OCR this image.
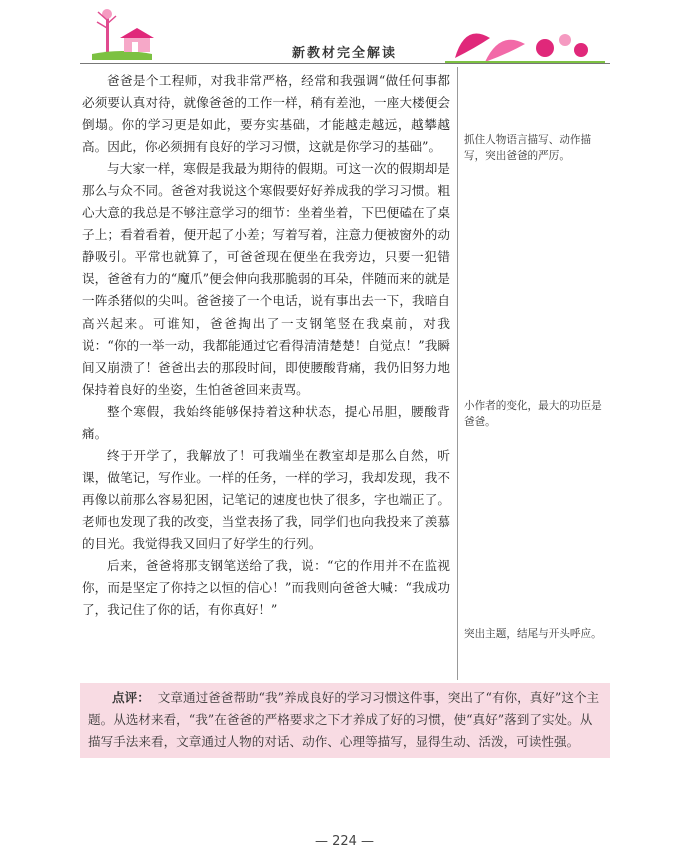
新教材完全解读

爸爸是个工程师，对我非常严格，经常和我强调“做任何事都必须要认真对待，就像爸爸的工作一样，稍有差池，一座大楼便会倒塌。你的学习更是如此，要夯实基础，才能越走越远，越攀越高。因此，你必须拥有良好的学习习惯，这就是你学习的基础”。

与大家一样，寒假是我最为期待的假期。可这一次的假期却是那么与众不同。爸爸对我说这个寒假要好好养成我的学习习惯。粗心大意的我总是不够注意学习的细节：坐着坐着，下巴便磕在了桌子上；看着看着，便开起了小差；写着写着，注意力便被窗外的动静吸引。平常也就算了，可爸爸现在便坐在我旁边，只要一犯错误，爸爸有力的“魔爪”便会伸向我那脆弱的耳朵，伴随而来的就是一阵杀猪似的尖叫。爸爸接了一个电话，说有事出去一下，我暗自高兴起来。可谁知，爸爸掏出了一支钢笔竖在我桌前，对我说：“你的一举一动，我都能通过它看得清清楚楚！自觉点！”我瞬间又崩溃了！爸爸出去的那段时间，即使腰酸背痛，我仍旧努力地保持着良好的坐姿，生怕爸爸回来责骂。

整个寒假，我始终能够保持着这种状态，提心吊胆，腰酸背痛。

终于开学了，我解放了！可我端坐在教室却是那么自然，听课，做笔记，写作业。一样的任务，一样的学习，我却发现，我不再像以前那么容易犯困，记笔记的速度也快了很多，字也端正了。老师也发现了我的改变，当堂表扬了我，同学们也向我投来了羡慕的目光。我觉得我又回归了好学生的行列。

后来，爸爸将那支钢笔送给了我，说：“它的作用并不在监视你，而是坚定了你持之以恒的信心！”而我则向爸爸大喊：“我成功了，我记住了你的话，有你真好！”

抓住人物语言描写、动作描写，突出爸爸的严厉。
小作者的变化，最大的功臣是爸爸。
突出主题，结尾与开头呼应。
点评： 文章通过爸爸帮助“我”养成良好的学习习惯这件事，突出了“有你，真好”这个主题。从选材来看，“我”在爸爸的严格要求之下才养成了好的习惯，使“真好”落到了实处。从描写手法来看，文章通过人物的对话、动作、心理等描写，显得生动、活泼，可读性强。
— 224 —
